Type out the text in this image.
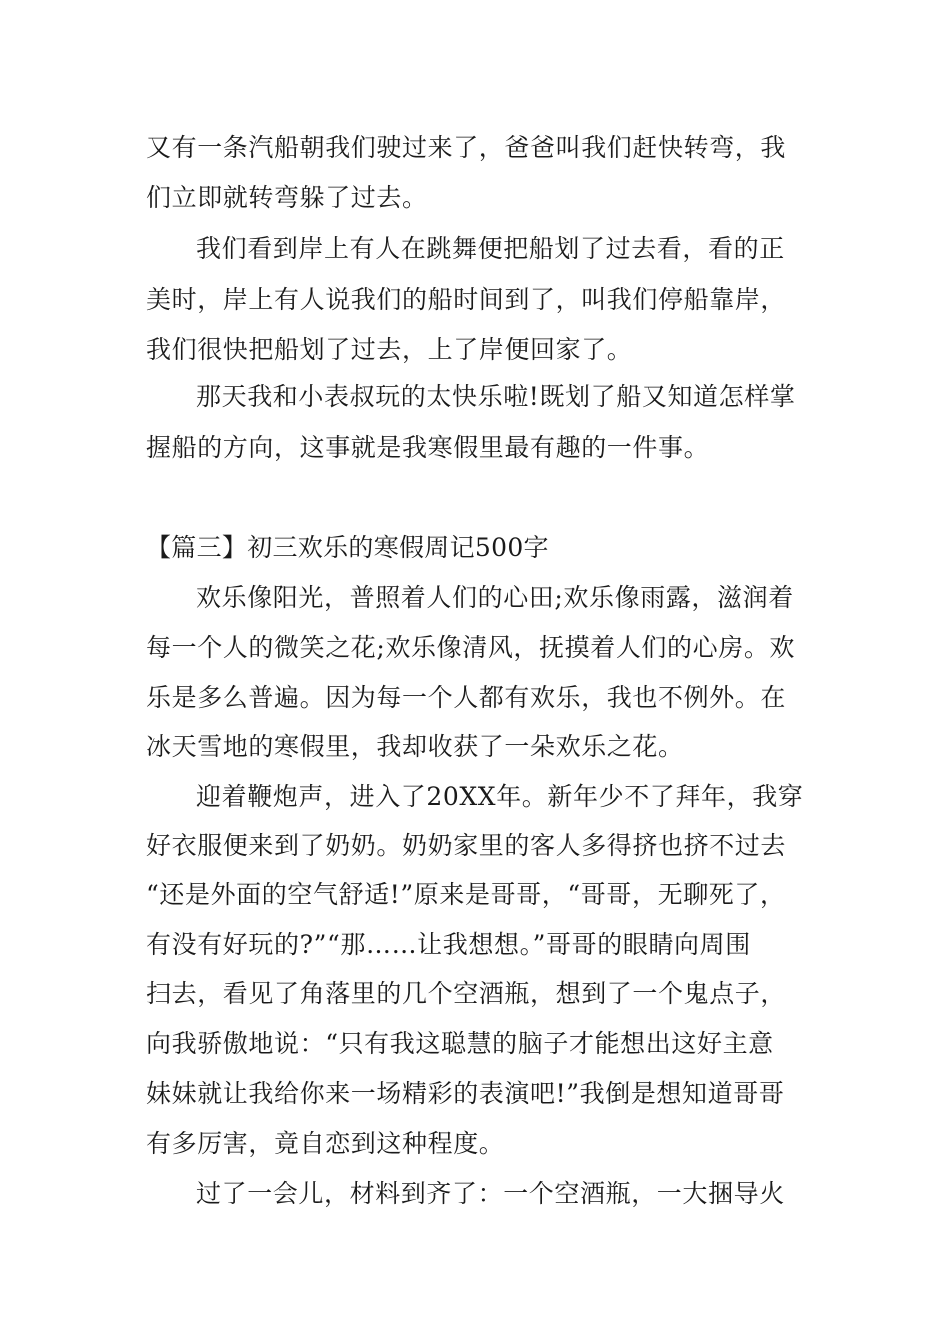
又有一条汽船朝我们驶过来了，爸爸叫我们赶快转弯，我
们立即就转弯躲了过去。
我们看到岸上有人在跳舞便把船划了过去看，看的正
美时，岸上有人说我们的船时间到了，叫我们停船靠岸，
我们很快把船划了过去，上了岸便回家了。
那天我和小表叔玩的太快乐啦!既划了船又知道怎样掌
握船的方向，这事就是我寒假里最有趣的一件事。
【篇三】初三欢乐的寒假周记500字
欢乐像阳光，普照着人们的心田;欢乐像雨露，滋润着
每一个人的微笑之花;欢乐像清风，抚摸着人们的心房。欢
乐是多么普遍。因为每一个人都有欢乐，我也不例外。在
冰天雪地的寒假里，我却收获了一朵欢乐之花。
迎着鞭炮声，进入了20XX年。新年少不了拜年，我穿
好衣服便来到了奶奶。奶奶家里的客人多得挤也挤不过去
“还是外面的空气舒适!”原来是哥哥，“哥哥，无聊死了，
有没有好玩的?”“那……让我想想。”哥哥的眼睛向周围
扫去，看见了角落里的几个空酒瓶，想到了一个鬼点子，
向我骄傲地说：“只有我这聪慧的脑子才能想出这好主意
妹妹就让我给你来一场精彩的表演吧!”我倒是想知道哥哥
有多厉害，竟自恋到这种程度。
过了一会儿，材料到齐了：一个空酒瓶，一大捆导火
